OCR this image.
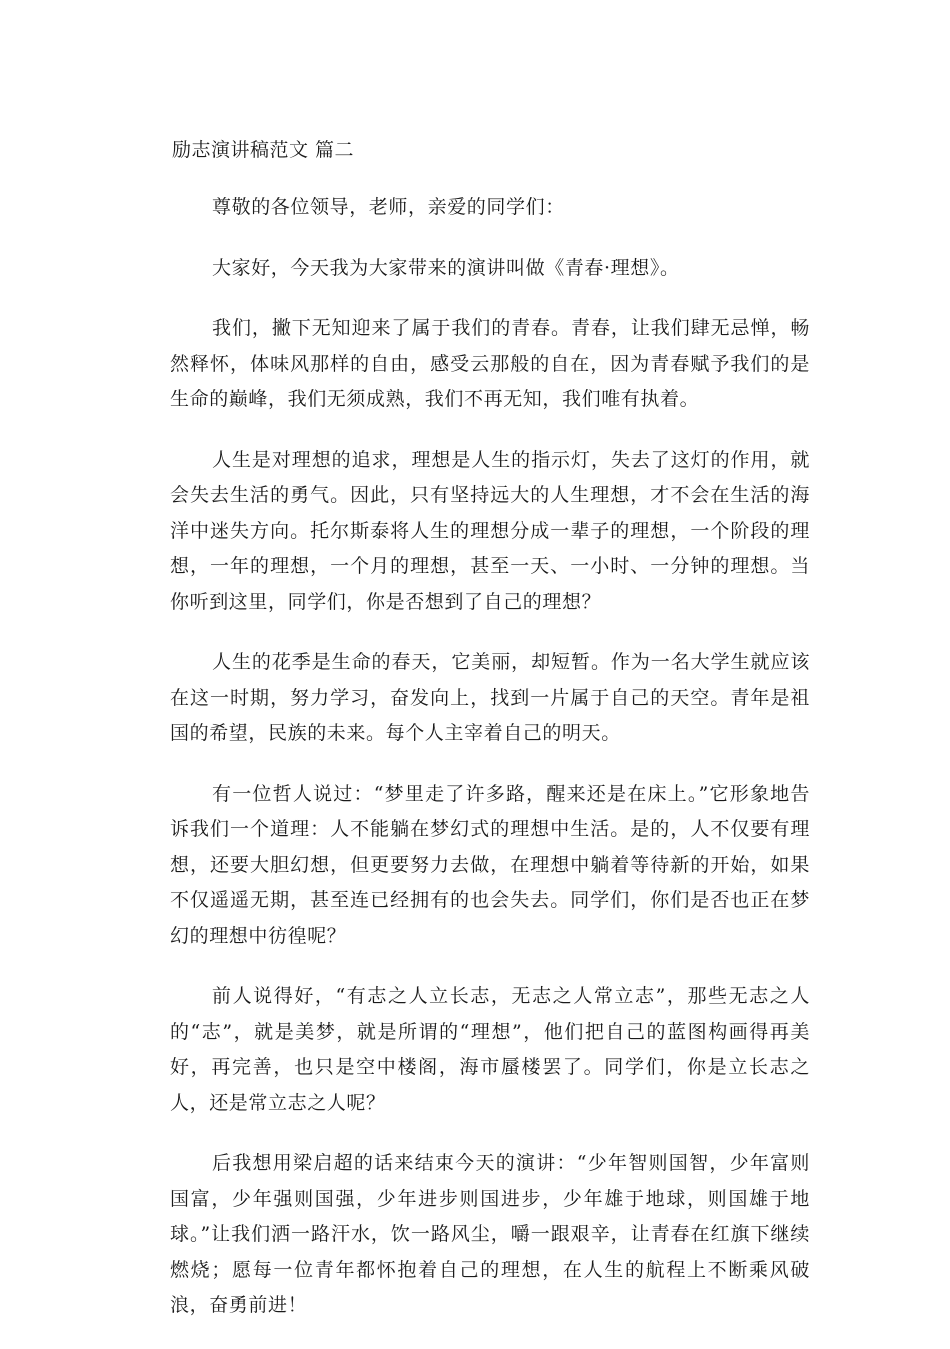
励志演讲稿范文 篇二

尊敬的各位领导，老师，亲爱的同学们：

大家好，今天我为大家带来的演讲叫做《青春·理想》。

我们，撇下无知迎来了属于我们的青春。青春，让我们肆无忌惮，畅然释怀，体味风那样的自由，感受云那般的自在，因为青春赋予我们的是生命的巅峰，我们无须成熟，我们不再无知，我们唯有执着。

人生是对理想的追求，理想是人生的指示灯，失去了这灯的作用，就会失去生活的勇气。因此，只有坚持远大的人生理想，才不会在生活的海洋中迷失方向。托尔斯泰将人生的理想分成一辈子的理想，一个阶段的理想，一年的理想，一个月的理想，甚至一天、一小时、一分钟的理想。当你听到这里，同学们，你是否想到了自己的理想？

人生的花季是生命的春天，它美丽，却短暂。作为一名大学生就应该在这一时期，努力学习，奋发向上，找到一片属于自己的天空。青年是祖国的希望，民族的未来。每个人主宰着自己的明天。

有一位哲人说过：“梦里走了许多路，醒来还是在床上。”它形象地告诉我们一个道理：人不能躺在梦幻式的理想中生活。是的，人不仅要有理想，还要大胆幻想，但更要努力去做，在理想中躺着等待新的开始，如果不仅遥遥无期，甚至连已经拥有的也会失去。同学们，你们是否也正在梦幻的理想中彷徨呢？

前人说得好，“有志之人立长志，无志之人常立志”，那些无志之人的“志”，就是美梦，就是所谓的“理想”，他们把自己的蓝图构画得再美好，再完善，也只是空中楼阁，海市蜃楼罢了。同学们，你是立长志之人，还是常立志之人呢？

后我想用梁启超的话来结束今天的演讲：“少年智则国智，少年富则国富，少年强则国强，少年进步则国进步，少年雄于地球，则国雄于地球。”让我们洒一路汗水，饮一路风尘，嚼一跟艰辛，让青春在红旗下继续燃烧；愿每一位青年都怀抱着自己的理想，在人生的航程上不断乘风破浪，奋勇前进！
